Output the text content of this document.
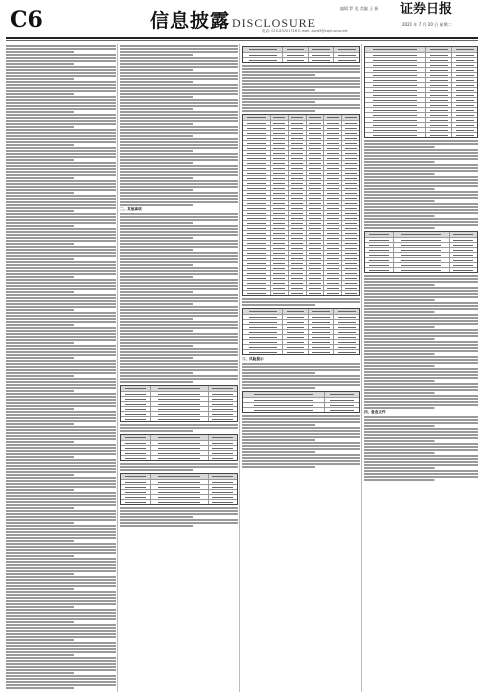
C6	信息披露 DISCLOSURE
编辑 罗 迅 美编 王 新 证券日报
电话: 010-83251716 E-mail: zqrb9@zqrb.sina.net
2021 年 7 月 20 日 星期二
二、其他事项
三、风险提示
四、备查文件
